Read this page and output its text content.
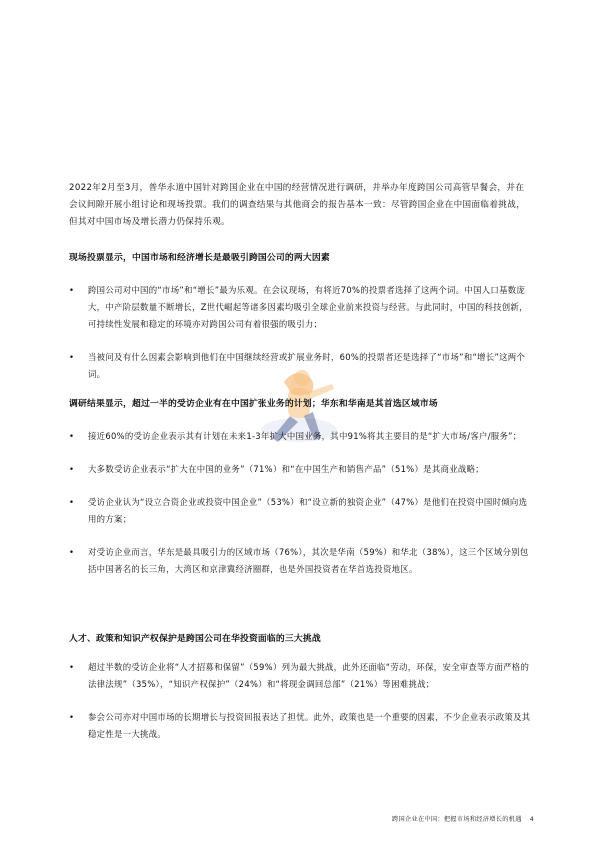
2022年2月至3月，普华永道中国针对跨国企业在中国的经营情况进行调研，并举办年度跨国公司高管早餐会，并在会议间隙开展小组讨论和现场投票。我们的调查结果与其他商会的报告基本一致：尽管跨国企业在中国面临着挑战，但其对中国市场及增长潜力仍保持乐观。

现场投票显示，中国市场和经济增长是最吸引跨国公司的两大因素
• 跨国公司对中国的“市场”和“增长”最为乐观。在会议现场，有将近70%的投票者选择了这两个词。中国人口基数庞大，中产阶层数量不断增长，Z世代崛起等诸多因素均吸引全球企业前来投资与经营。与此同时，中国的科技创新，可持续性发展和稳定的环境亦对跨国公司有着很强的吸引力；
• 当被问及有什么因素会影响到他们在中国继续经营或扩展业务时，60%的投票者还是选择了“市场”和“增长”这两个词。
调研结果显示，超过一半的受访企业有在中国扩张业务的计划；华东和华南是其首选区域市场
• 接近60%的受访企业表示其有计划在未来1-3年扩大中国业务，其中91%将其主要目的是“扩大市场/客户/服务”；
• 大多数受访企业表示“扩大在中国的业务”（71%）和“在中国生产和销售产品”（51%）是其商业战略；
• 受访企业认为“设立合资企业或投资中国企业”（53%）和“设立新的独资企业”（47%）是他们在投资中国时倾向选用的方案；
• 对受访企业而言，华东是最具吸引力的区域市场（76%），其次是华南（59%）和华北（38%），这三个区域分别包括中国著名的长三角，大湾区和京津冀经济圈群，也是外国投资者在华首选投资地区。
人才、政策和知识产权保护是跨国公司在华投资面临的三大挑战
• 超过半数的受访企业将“人才招募和保留”（59%）列为最大挑战，此外还面临“劳动，环保，安全审查等方面严格的法律法规”（35%），“知识产权保护”（24%）和“将现金调回总部”（21%）等困难挑战；
• 参会公司亦对中国市场的长期增长与投资回报表达了担忧。此外，政策也是一个重要的因素，不少企业表示政策及其稳定性是一大挑战。
跨国企业在中国：把握市场和经济增长的机遇 4
